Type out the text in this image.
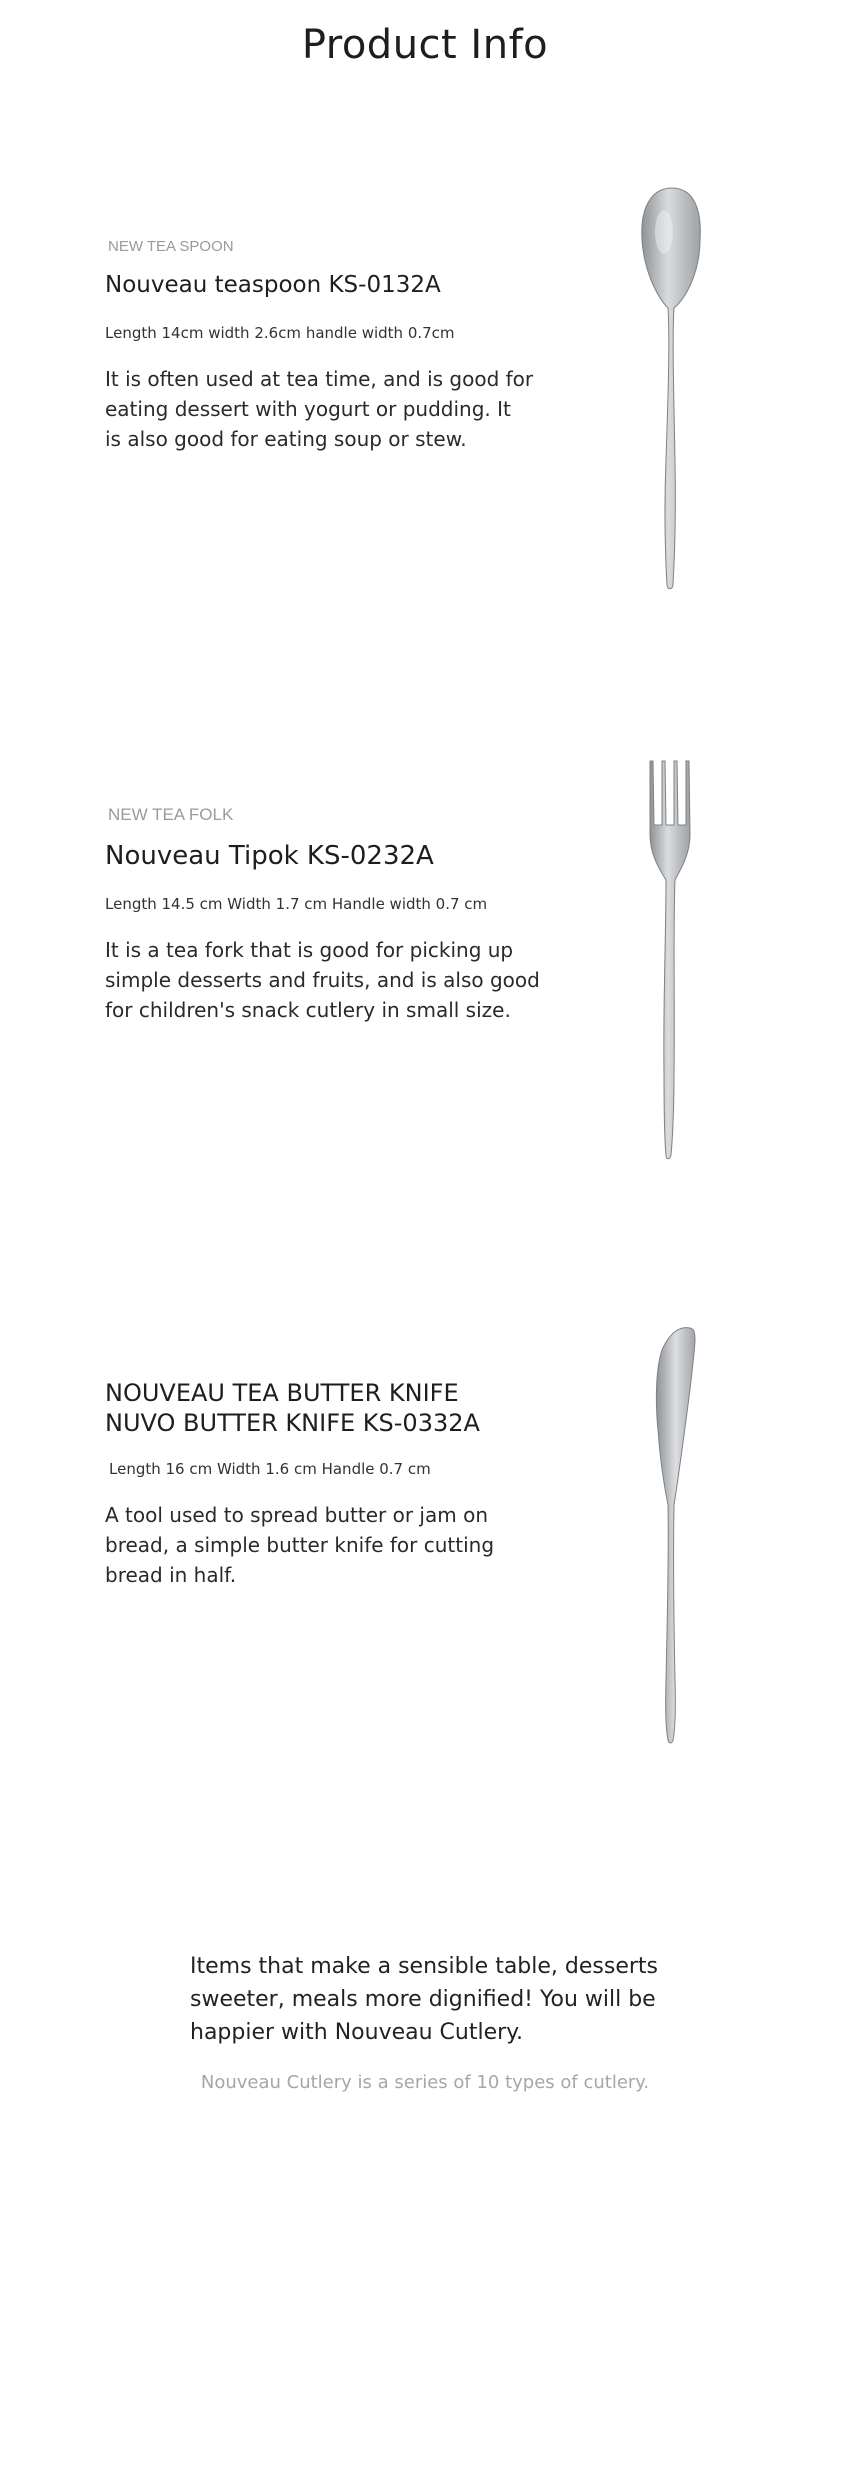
Product Info

NEW TEA SPOON

Nouveau teaspoon KS-0132A

Length 14cm width 2.6cm handle width 0.7cm

It is often used at tea time, and is good for

eating dessert with yogurt or pudding. It

is also good for eating soup or stew.

NEW TEA FOLK

Nouveau Tipok KS-0232A

Length 14.5 cm Width 1.7 cm Handle width 0.7 cm

It is a tea fork that is good for picking up

simple desserts and fruits, and is also good

for children's snack cutlery in small size.

NOUVEAU TEA BUTTER KNIFE

NUVO BUTTER KNIFE KS-0332A

Length 16 cm Width 1.6 cm Handle 0.7 cm

A tool used to spread butter or jam on

bread, a simple butter knife for cutting

bread in half.

Items that make a sensible table, desserts

sweeter, meals more dignified! You will be

happier with Nouveau Cutlery.

Nouveau Cutlery is a series of 10 types of cutlery.
